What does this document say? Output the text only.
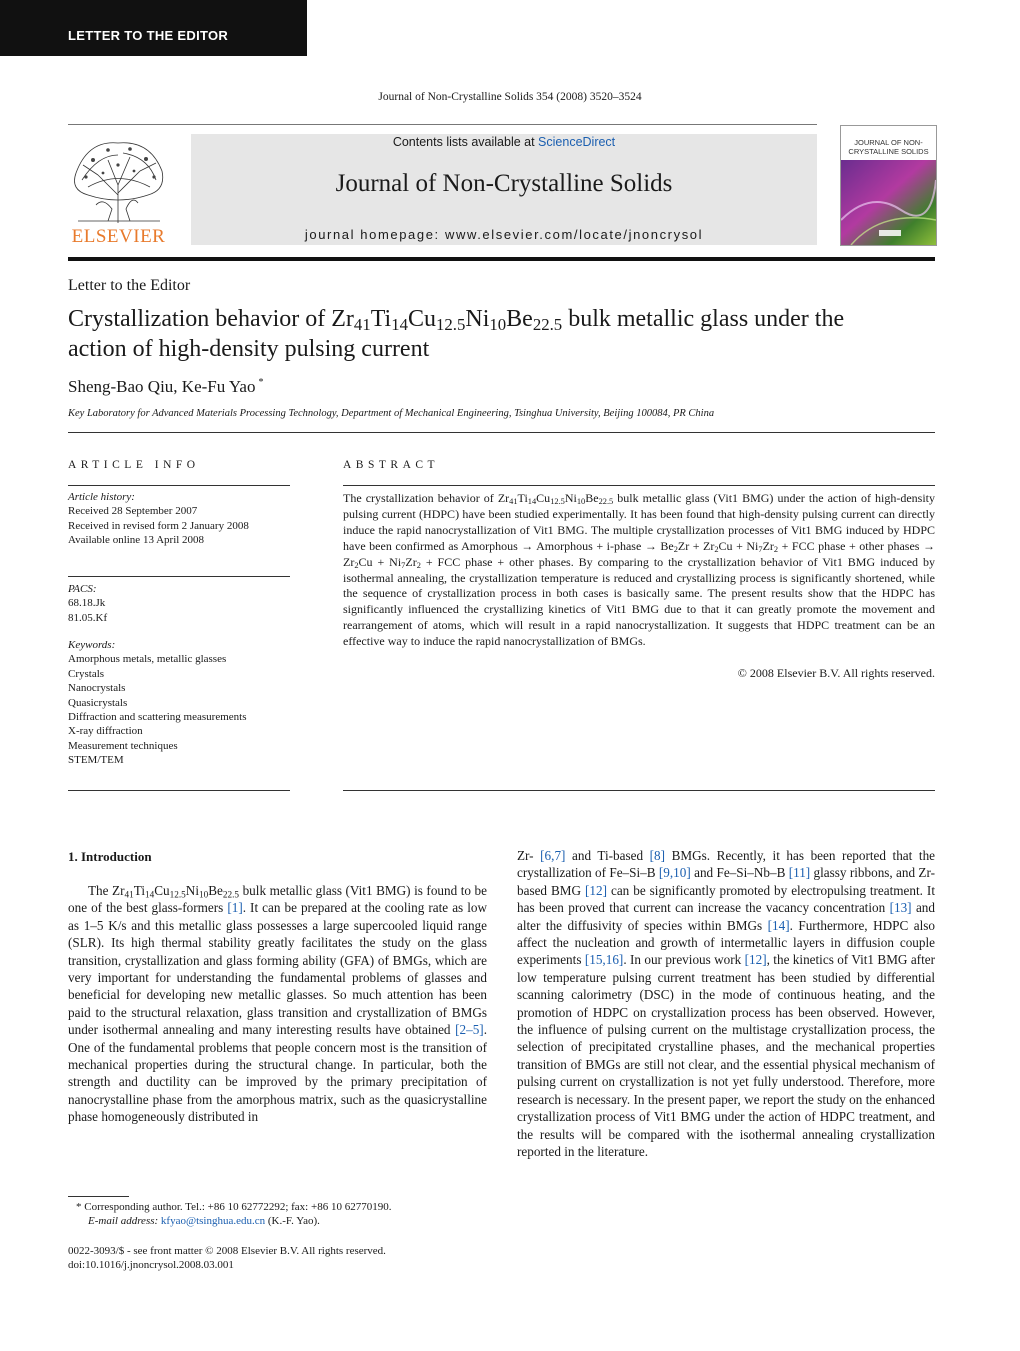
LETTER TO THE EDITOR
Journal of Non-Crystalline Solids 354 (2008) 3520–3524
ELSEVIER
Contents lists available at ScienceDirect
Journal of Non-Crystalline Solids
journal homepage: www.elsevier.com/locate/jnoncrysol
JOURNAL OF NON-CRYSTALLINE SOLIDS
Letter to the Editor
Crystallization behavior of $Zr_{41}Ti_{14}Cu_{12.5}Ni_{10}Be_{22.5}$ bulk metallic glass under the action of high-density pulsing current
Sheng-Bao Qiu, Ke-Fu Yao *
Key Laboratory for Advanced Materials Processing Technology, Department of Mechanical Engineering, Tsinghua University, Beijing 100084, PR China
ARTICLE INFO
Article history:
Received 28 September 2007
Received in revised form 2 January 2008
Available online 13 April 2008
PACS:
68.18.Jk
81.05.Kf
Keywords:
Amorphous metals, metallic glasses
Crystals
Nanocrystals
Quasicrystals
Diffraction and scattering measurements
X-ray diffraction
Measurement techniques
STEM/TEM
ABSTRACT
The crystallization behavior of $Zr_{41}Ti_{14}Cu_{12.5}Ni_{10}Be_{22.5}$ bulk metallic glass (Vit1 BMG) under the action of high-density pulsing current (HDPC) have been studied experimentally. It has been found that high-density pulsing current can directly induce the rapid nanocrystallization of Vit1 BMG. The multiple crystallization processes of Vit1 BMG induced by HDPC have been confirmed as Amorphous → Amorphous + i-phase → $Be_2Zr + Zr_2Cu + Ni_7Zr_2$ + FCC phase + other phases → $Zr_2Cu + Ni_7Zr_2$ + FCC phase + other phases. By comparing to the crystallization behavior of Vit1 BMG induced by isothermal annealing, the crystallization temperature is reduced and crystallizing process is significantly shortened, while the sequence of crystallization process in both cases is basically same. The present results show that the HDPC has significantly influenced the crystallizing kinetics of Vit1 BMG due to that it can greatly promote the movement and rearrangement of atoms, which will result in a rapid nanocrystallization. It suggests that HDPC treatment can be an effective way to induce the rapid nanocrystallization of BMGs.
© 2008 Elsevier B.V. All rights reserved.
1. Introduction

The $Zr_{41}Ti_{14}Cu_{12.5}Ni_{10}Be_{22.5}$ bulk metallic glass (Vit1 BMG) is found to be one of the best glass-formers [1]. It can be prepared at the cooling rate as low as 1–5 K/s and this metallic glass possesses a large supercooled liquid range (SLR). Its high thermal stability greatly facilitates the study on the glass transition, crystallization and glass forming ability (GFA) of BMGs, which are very important for understanding the fundamental problems of glasses and beneficial for developing new metallic glasses. So much attention has been paid to the structural relaxation, glass transition and crystallization of BMGs under isothermal annealing and many interesting results have obtained [2–5]. One of the fundamental problems that people concern most is the transition of mechanical properties during the structural change. In particular, both the strength and ductility can be improved by the primary precipitation of nanocrystalline phase from the amorphous matrix, such as the quasicrystalline phase homogeneously distributed in

Zr- [6,7] and Ti-based [8] BMGs. Recently, it has been reported that the crystallization of Fe–Si–B [9,10] and Fe–Si–Nb–B [11] glassy ribbons, and Zr-based BMG [12] can be significantly promoted by electropulsing treatment. It has been proved that current can increase the vacancy concentration [13] and alter the diffusivity of species within BMGs [14]. Furthermore, HDPC also affect the nucleation and growth of intermetallic layers in diffusion couple experiments [15,16]. In our previous work [12], the kinetics of Vit1 BMG after low temperature pulsing current treatment has been studied by differential scanning calorimetry (DSC) in the mode of continuous heating, and the promotion of HDPC on crystallization process has been observed. However, the influence of pulsing current on the multistage crystallization process, the selection of precipitated crystalline phases, and the mechanical properties transition of BMGs are still not clear, and the essential physical mechanism of pulsing current on crystallization is not yet fully understood. Therefore, more research is necessary. In the present paper, we report the study on the enhanced crystallization process of Vit1 BMG under the action of HDPC treatment, and the results will be compared with the isothermal annealing crystallization reported in the literature.

* Corresponding author. Tel.: +86 10 62772292; fax: +86 10 62770190.
E-mail address: kfyao@tsinghua.edu.cn (K.-F. Yao).
0022-3093/$ - see front matter © 2008 Elsevier B.V. All rights reserved.
doi:10.1016/j.jnoncrysol.2008.03.001
